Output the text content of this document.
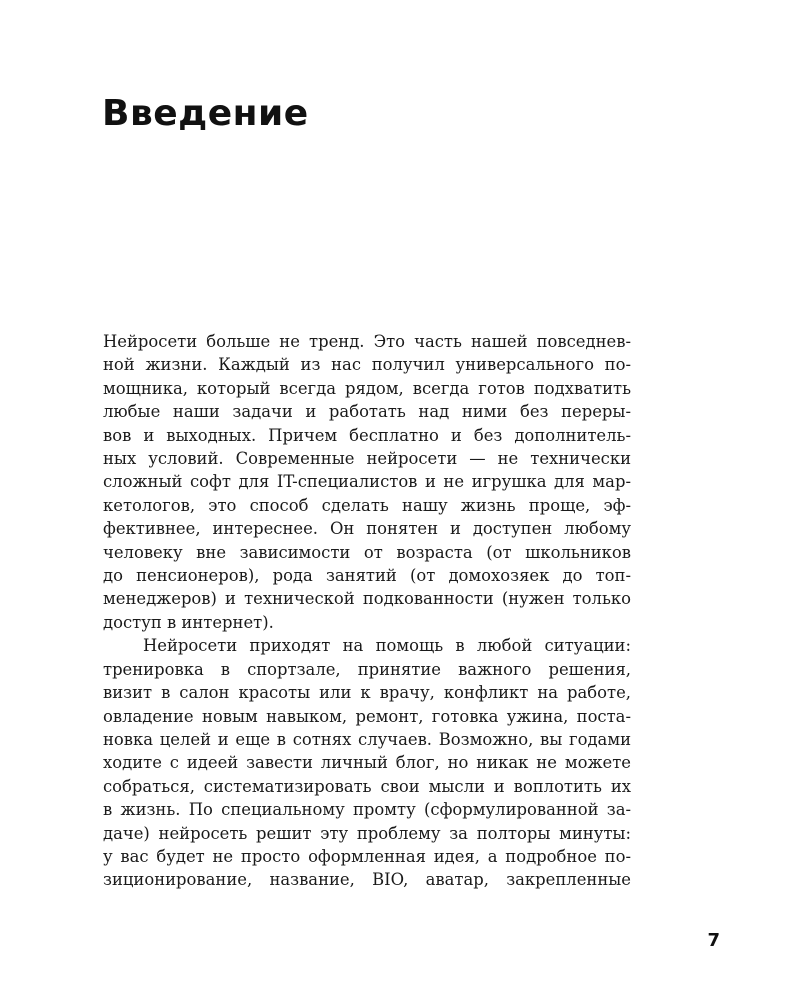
Введение

Нейросети больше не тренд. Это часть нашей повседнев-
ной жизни. Каждый из нас получил универсального по-
мощника, который всегда рядом, всегда готов подхватить
любые наши задачи и работать над ними без переры-
вов и выходных. Причем бесплатно и без дополнитель-
ных условий. Современные нейросети — не технически
сложный софт для IT-специалистов и не игрушка для мар-
кетологов, это способ сделать нашу жизнь проще, эф-
фективнее, интереснее. Он понятен и доступен любому
человеку вне зависимости от возраста (от школьников
до пенсионеров), рода занятий (от домохозяек до топ-
менеджеров) и технической подкованности (нужен только
доступ в интернет).

Нейросети приходят на помощь в любой ситуации:
тренировка в спортзале, принятие важного решения,
визит в салон красоты или к врачу, конфликт на работе,
овладение новым навыком, ремонт, готовка ужина, поста-
новка целей и еще в сотнях случаев. Возможно, вы годами
ходите с идеей завести личный блог, но никак не можете
собраться, систематизировать свои мысли и воплотить их
в жизнь. По специальному промту (сформулированной за-
даче) нейросеть решит эту проблему за полторы минуты:
у вас будет не просто оформленная идея, а подробное по-
зиционирование, название, BIO, аватар, закрепленные

7
